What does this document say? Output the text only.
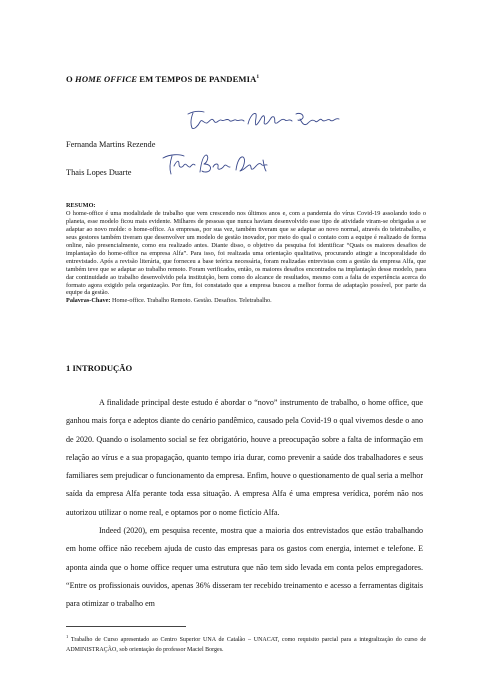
O HOME OFFICE EM TEMPOS DE PANDEMIA$^1$
Fernanda Martins Rezende
Thais Lopes Duarte
RESUMO:
O home-office é uma modalidade de trabalho que vem crescendo nos últimos anos e, com a pandemia do vírus Covid-19 assolando todo o planeta, esse modelo ficou mais evidente. Milhares de pessoas que nunca haviam desenvolvido esse tipo de atividade viram-se obrigadas a se adaptar ao novo molde: o home-office. As empresas, por sua vez, também tiveram que se adaptar ao novo normal, através do teletrabalho, e seus gestores também tiveram que desenvolver um modelo de gestão inovador, por meio do qual o contato com a equipe é realizado de forma online, não presencialmente, como era realizado antes. Diante disso, o objetivo da pesquisa foi identificar “Quais os maiores desafios de implantação do home-office na empresa Alfa”. Para isso, foi realizada uma orientação qualitativa, procurando atingir a incoporalidade do entrevistado. Após a revisão literária, que forneceu a base teórica necessária, foram realizadas entrevistas com a gestão da empresa Alfa, que também teve que se adaptar ao trabalho remoto. Foram verificados, então, os maiores desafios encontrados na implantação desse modelo, para dar continuidade ao trabalho desenvolvido pela instituição, bem como do alcance de resultados, mesmo com a falta de experiência acerca do formato agora exigido pela organização. Por fim, foi constatado que a empresa buscou a melhor forma de adaptação possível, por parte da equipe da gestão.
Palavras-Chave: Home-office. Trabalho Remoto. Gestão. Desafios. Teletrabalho.
1 INTRODUÇÃO

A finalidade principal deste estudo é abordar o “novo” instrumento de trabalho, o home office, que ganhou mais força e adeptos diante do cenário pandêmico, causado pela Covid-19 o qual vivemos desde o ano de 2020. Quando o isolamento social se fez obrigatório, houve a preocupação sobre a falta de informação em relação ao vírus e a sua propagação, quanto tempo iria durar, como prevenir a saúde dos trabalhadores e seus familiares sem prejudicar o funcionamento da empresa. Enfim, houve o questionamento de qual seria a melhor saída da empresa Alfa perante toda essa situação. A empresa Alfa é uma empresa verídica, porém não nos autorizou utilizar o nome real, e optamos por o nome fictício Alfa.

Indeed (2020), em pesquisa recente, mostra que a maioria dos entrevistados que estão trabalhando em home office não recebem ajuda de custo das empresas para os gastos com energia, internet e telefone. E aponta ainda que o home office requer uma estrutura que não tem sido levada em conta pelos empregadores. “Entre os profissionais ouvidos, apenas 36% disseram ter recebido treinamento e acesso a ferramentas digitais para otimizar o trabalho em

$^1$ Trabalho de Curso apresentado ao Centro Superior UNA de Catalão – UNACAT, como requisito parcial para a integralização do curso de ADMINISTRAÇÃO, sob orientação do professor Maciel Borges.
